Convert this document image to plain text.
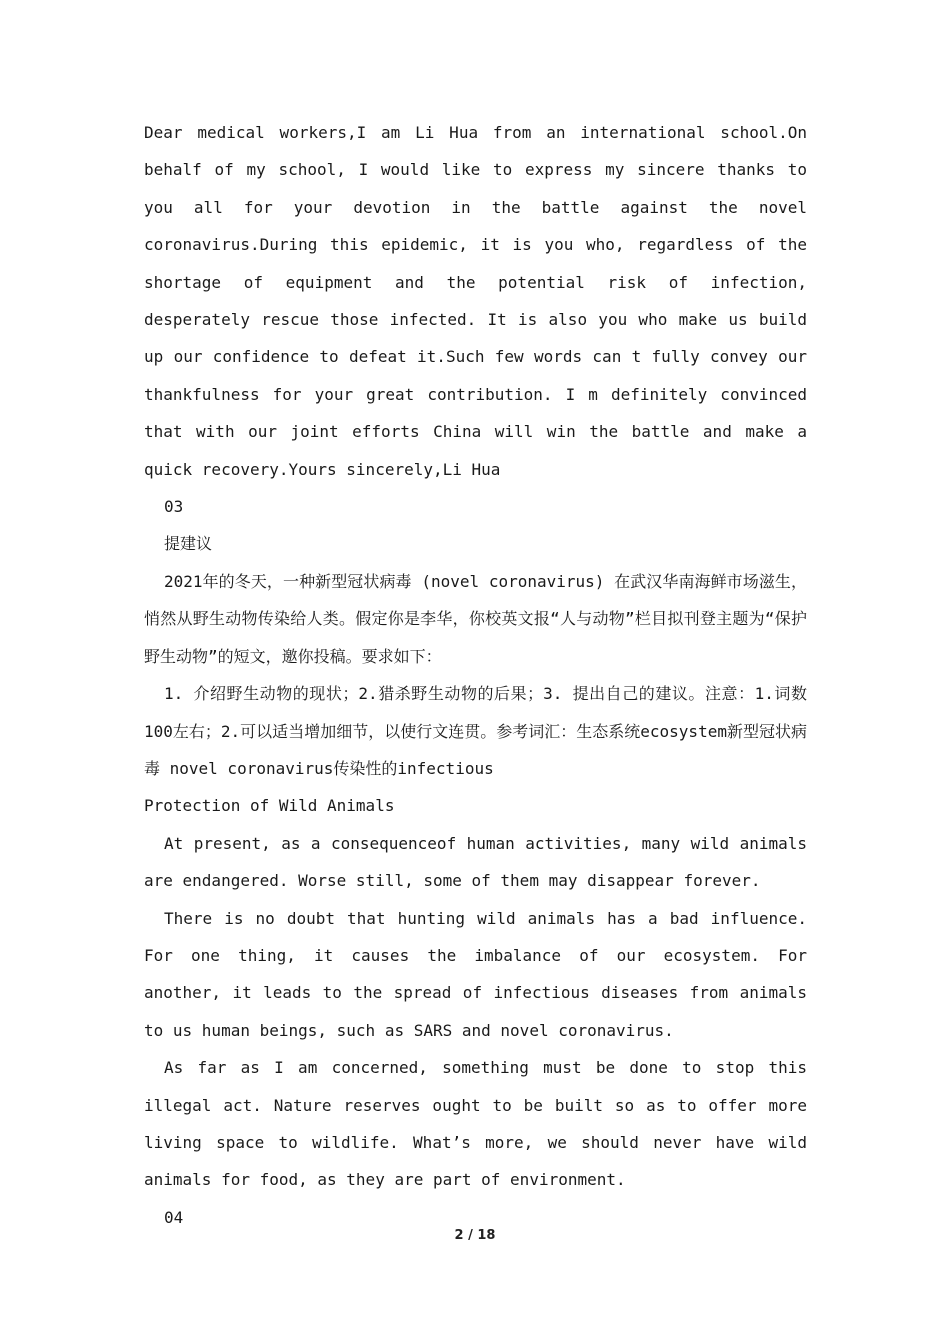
Dear medical workers,I am Li Hua from an international school.On behalf of my school, I would like to express my sincere thanks to you all for your devotion in the battle against the novel coronavirus.During this epidemic, it is you who, regardless of the shortage of equipment and the potential risk of infection, desperately rescue those infected. It is also you who make us build up our confidence to defeat it.Such few words can t fully convey our thankfulness for your great contribution. I m definitely convinced that with our joint efforts China will win the battle and make a quick recovery.Yours sincerely,Li Hua

03

提建议

2021年的冬天，一种新型冠状病毒 (novel coronavirus) 在武汉华南海鲜市场滋生，悄然从野生动物传染给人类。假定你是李华，你校英文报“人与动物”栏目拟刊登主题为“保护野生动物”的短文，邀你投稿。要求如下：

1. 介绍野生动物的现状；2.猎杀野生动物的后果；3. 提出自己的建议。注意：1.词数100左右；2.可以适当增加细节，以使行文连贯。参考词汇：生态系统ecosystem新型冠状病毒 novel coronavirus传染性的infectious

Protection of Wild Animals

At present, as a consequenceof human activities, many wild animals are endangered. Worse still, some of them may disappear forever.

There is no doubt that hunting wild animals has a bad influence. For one thing, it causes the imbalance of our ecosystem. For another, it leads to the spread of infectious diseases from animals to us human beings, such as SARS and novel coronavirus.

As far as I am concerned, something must be done to stop this illegal act. Nature reserves ought to be built so as to offer more living space to wildlife. What’s more, we should never have wild animals for food, as they are part of environment.

04

2 / 18
